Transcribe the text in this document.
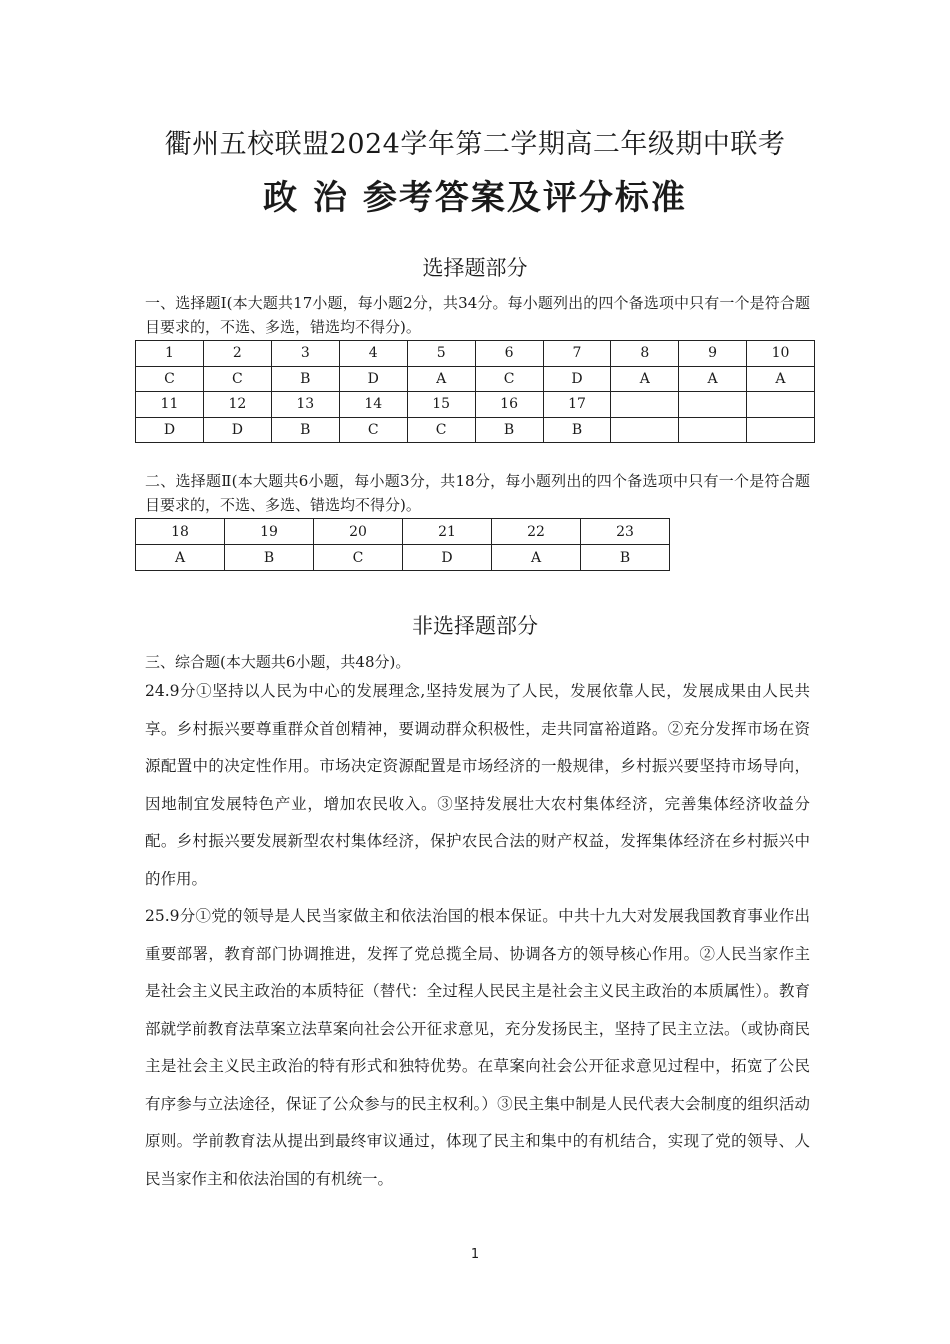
衢州五校联盟2024学年第二学期高二年级期中联考
政 治 参考答案及评分标准
选择题部分
一、选择题Ⅰ(本大题共17小题，每小题2分，共34分。每小题列出的四个备选项中只有一个是符合题目要求的，不选、多选，错选均不得分)。
1	2	3	4	5	6	7	8	9	10
C	C	B	D	A	C	D	A	A	A
11	12	13	14	15	16	17			
D	D	B	C	C	B	B			
二、选择题Ⅱ(本大题共6小题，每小题3分，共18分，每小题列出的四个备选项中只有一个是符合题目要求的，不选、多选、错选均不得分)。
18	19	20	21	22	23
A	B	C	D	A	B
非选择题部分
三、综合题(本大题共6小题，共48分)。
24.9分①坚持以人民为中心的发展理念,坚持发展为了人民，发展依靠人民，发展成果由人民共享。乡村振兴要尊重群众首创精神，要调动群众积极性，走共同富裕道路。②充分发挥市场在资源配置中的决定性作用。市场决定资源配置是市场经济的一般规律，乡村振兴要坚持市场导向，因地制宜发展特色产业，增加农民收入。③坚持发展壮大农村集体经济，完善集体经济收益分配。乡村振兴要发展新型农村集体经济，保护农民合法的财产权益，发挥集体经济在乡村振兴中的作用。
25.9分①党的领导是人民当家做主和依法治国的根本保证。中共十九大对发展我国教育事业作出重要部署，教育部门协调推进，发挥了党总揽全局、协调各方的领导核心作用。②人民当家作主是社会主义民主政治的本质特征（替代：全过程人民民主是社会主义民主政治的本质属性）。教育部就学前教育法草案立法草案向社会公开征求意见，充分发扬民主，坚持了民主立法。（或协商民主是社会主义民主政治的特有形式和独特优势。在草案向社会公开征求意见过程中，拓宽了公民有序参与立法途径，保证了公众参与的民主权利。）③民主集中制是人民代表大会制度的组织活动原则。学前教育法从提出到最终审议通过，体现了民主和集中的有机结合，实现了党的领导、人民当家作主和依法治国的有机统一。
1
